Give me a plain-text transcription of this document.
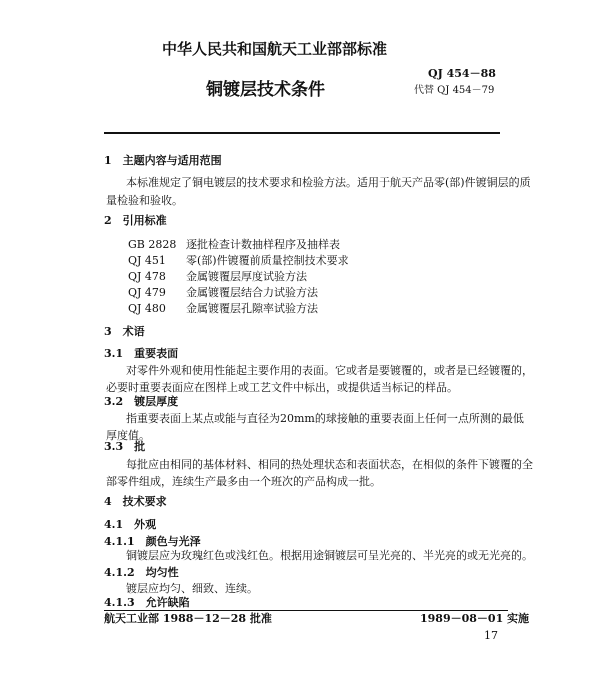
中华人民共和国航天工业部部标准
QJ 454－88
铜镀层技术条件	代替 QJ 454－79
1　主题内容与适用范围
本标准规定了铜电镀层的技术要求和检验方法。适用于航天产品零(部)件镀铜层的质
量检验和验收。
2　引用标准
GB 2828 逐批检查计数抽样程序及抽样表
QJ 451 零(部)件镀覆前质量控制技术要求
QJ 478 金属镀覆层厚度试验方法
QJ 479 金属镀覆层结合力试验方法
QJ 480 金属镀覆层孔隙率试验方法
3　术语
3.1　重要表面
对零件外观和使用性能起主要作用的表面。它或者是要镀覆的，或者是已经镀覆的，
必要时重要表面应在图样上或工艺文件中标出，或提供适当标记的样品。
3.2　镀层厚度
指重要表面上某点或能与直径为20mm的球接触的重要表面上任何一点所测的最低
厚度值。
3.3　批
每批应由相同的基体材料、相同的热处理状态和表面状态，在相似的条件下镀覆的全
部零件组成，连续生产最多由一个班次的产品构成一批。
4　技术要求
4.1　外观
4.1.1　颜色与光泽
铜镀层应为玫瑰红色或浅红色。根据用途铜镀层可呈光亮的、半光亮的或无光亮的。
4.1.2　均匀性
镀层应均匀、细致、连续。
4.1.3　允许缺陷
航天工业部 1988－12－28 批准	1989－08－01 实施
17
